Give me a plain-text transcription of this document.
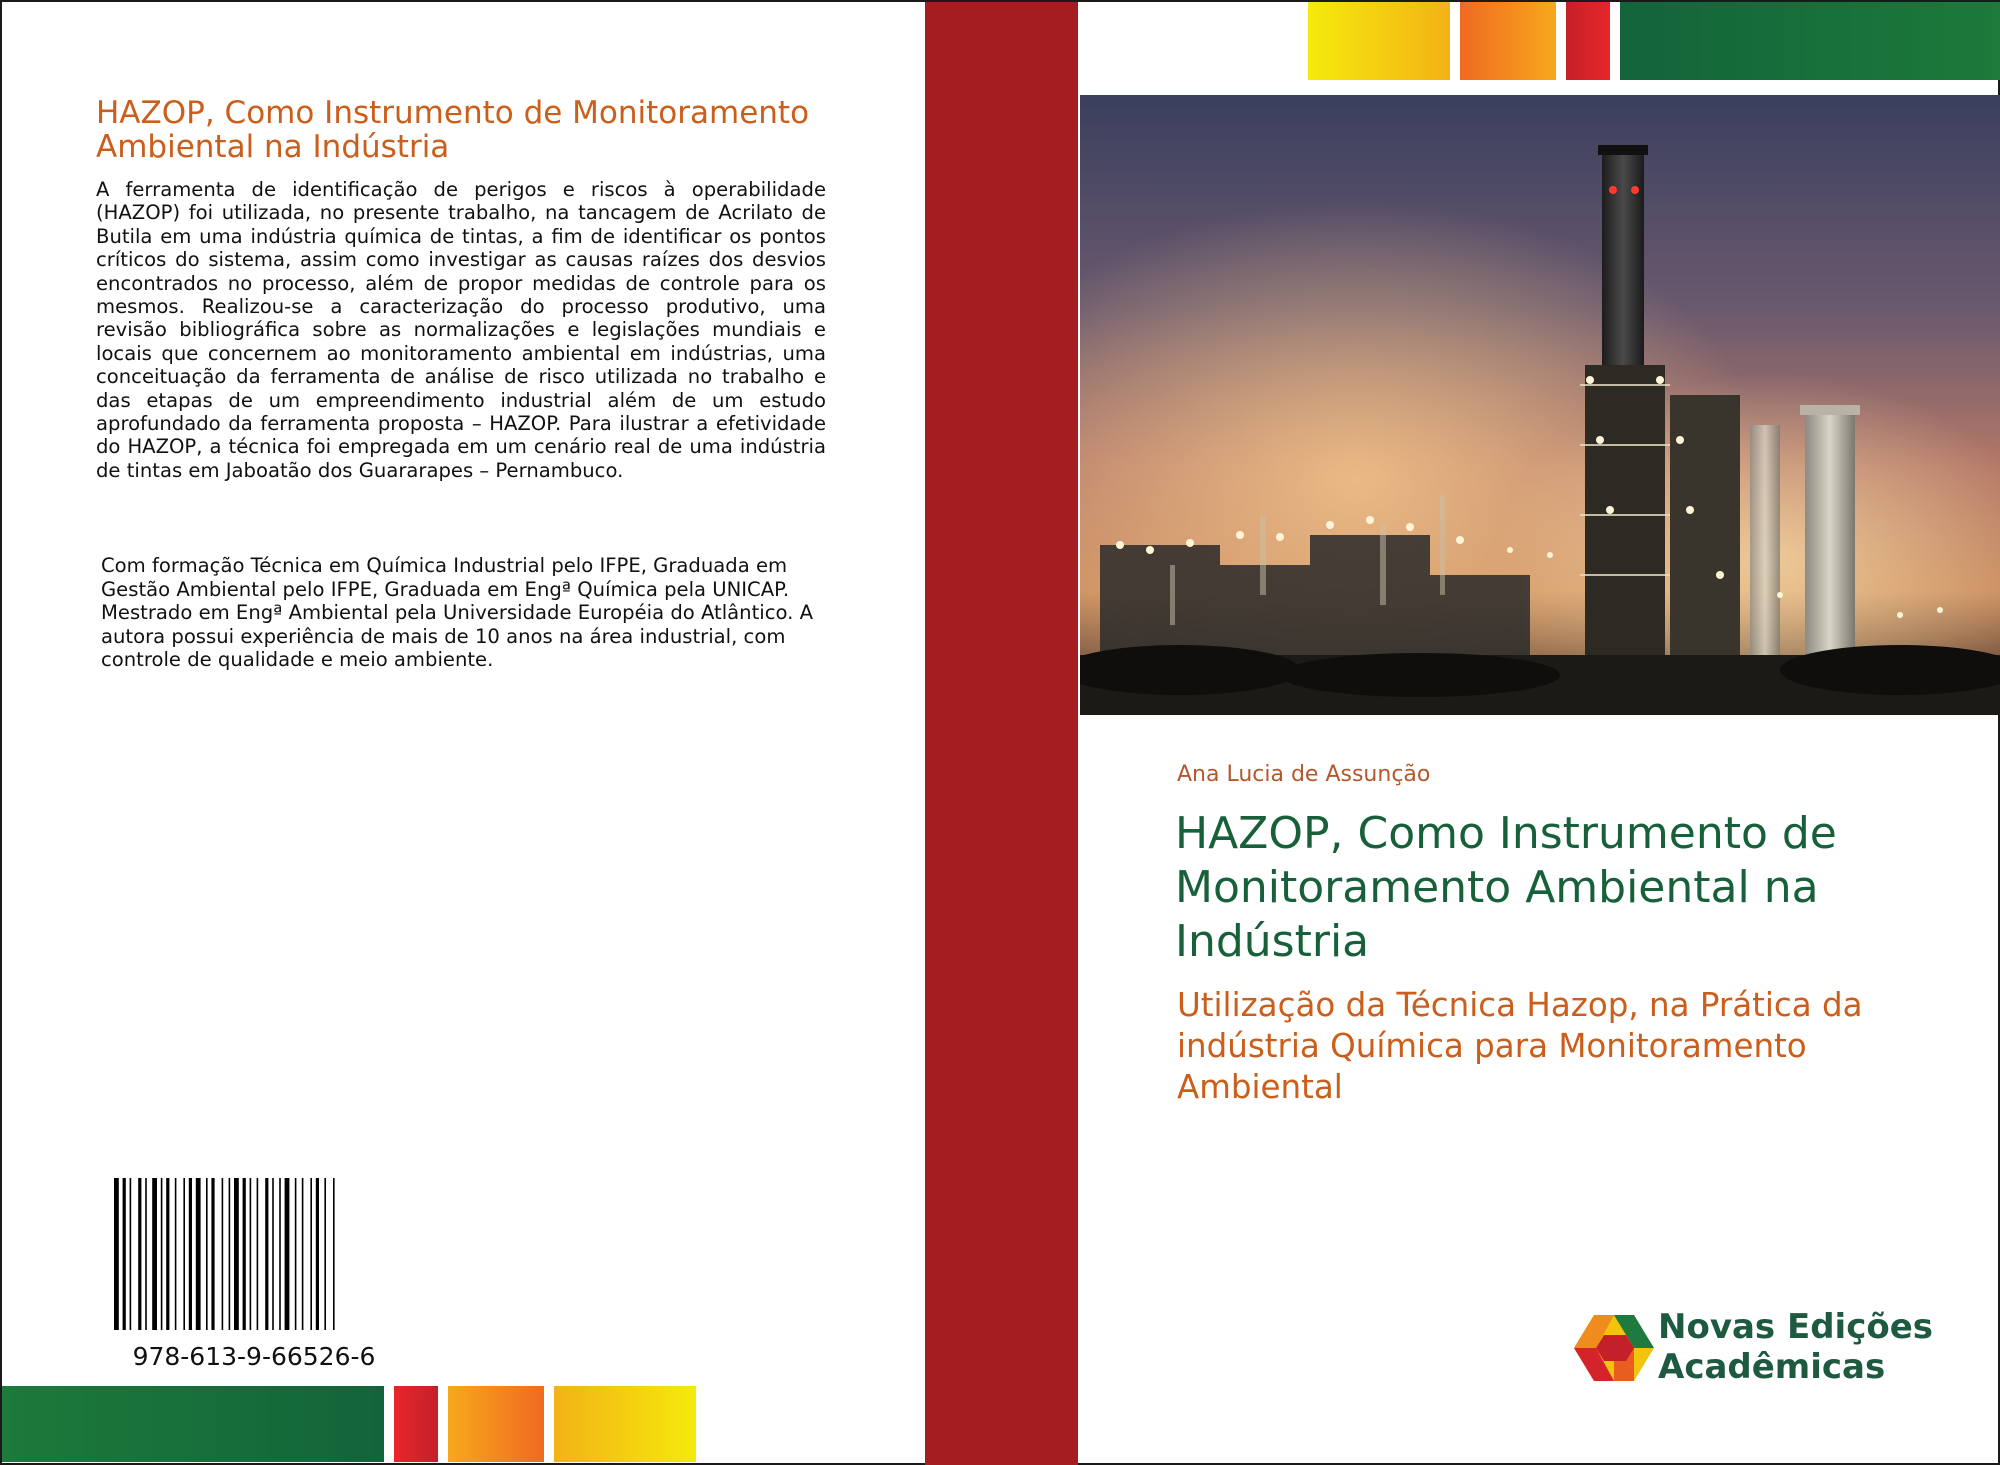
HAZOP, Como Instrumento de Monitoramento Ambiental na Indústria

A ferramenta de identificação de perigos e riscos à operabilidade (HAZOP) foi utilizada, no presente trabalho, na tancagem de Acrilato de Butila em uma indústria química de tintas, a fim de identificar os pontos críticos do sistema, assim como investigar as causas raízes dos desvios encontrados no processo, além de propor medidas de controle para os mesmos. Realizou-se a caracterização do processo produtivo, uma revisão bibliográfica sobre as normalizações e legislações mundiais e locais que concernem ao monitoramento ambiental em indústrias, uma conceituação da ferramenta de análise de risco utilizada no trabalho e das etapas de um empreendimento industrial além de um estudo aprofundado da ferramenta proposta – HAZOP. Para ilustrar a efetividade do HAZOP, a técnica foi empregada em um cenário real de uma indústria de tintas em Jaboatão dos Guararapes – Pernambuco.

Com formação Técnica em Química Industrial pelo IFPE, Graduada em Gestão Ambiental pelo IFPE, Graduada em Engª Química pela UNICAP. Mestrado em Engª Ambiental pela Universidade Européia do Atlântico. A autora possui experiência de mais de 10 anos na área industrial, com controle de qualidade e meio ambiente.

978-613-9-66526-6
Ana Lucia de Assunção
HAZOP, Como Instrumento de Monitoramento Ambiental na Indústria
Utilização da Técnica Hazop, na Prática da indústria Química para Monitoramento Ambiental
Novas Edições
Acadêmicas
